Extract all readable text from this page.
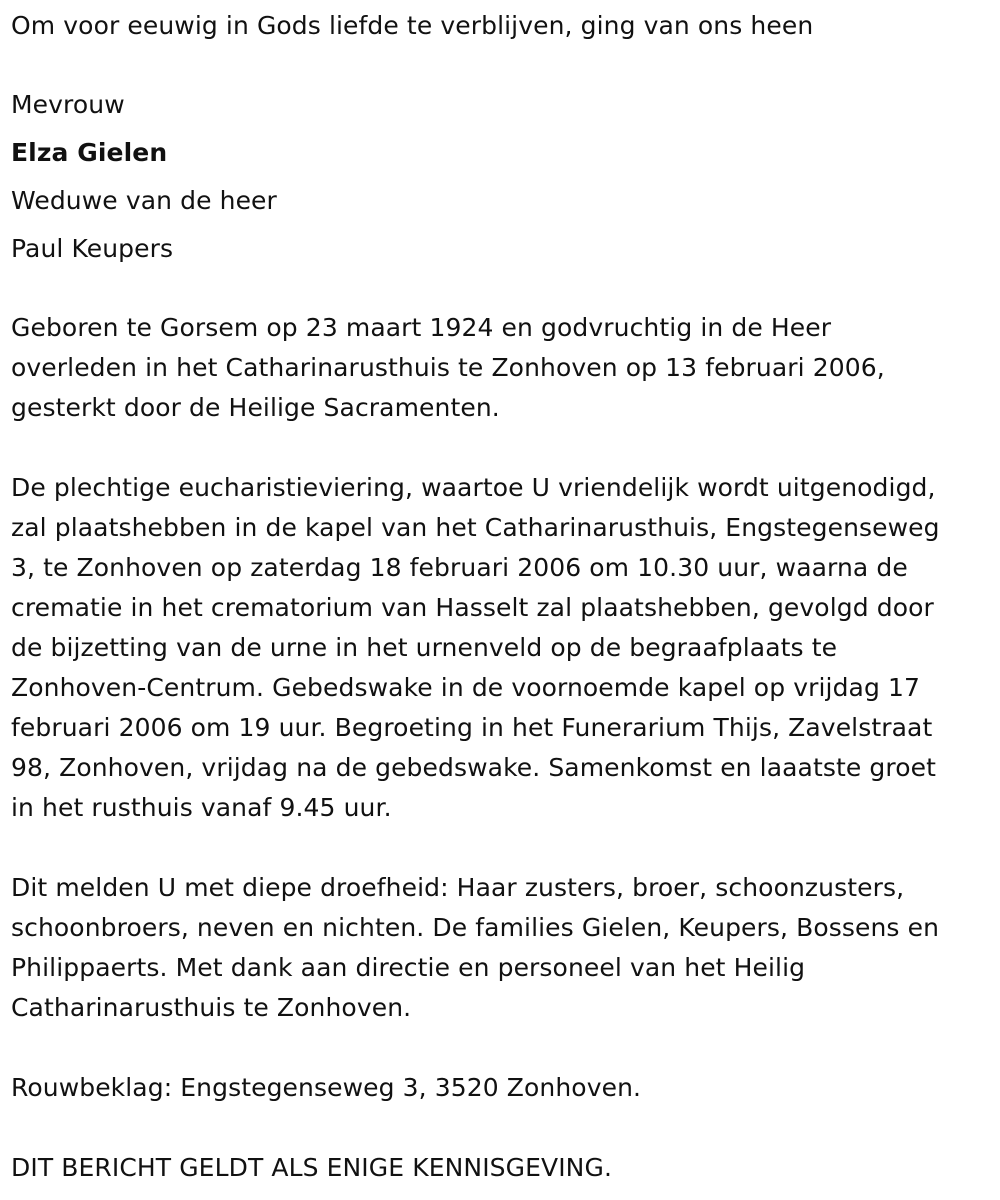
Om voor eeuwig in Gods liefde te verblijven, ging van ons heen

Mevrouw

Elza Gielen

Weduwe van de heer

Paul Keupers

Geboren te Gorsem op 23 maart 1924 en godvruchtig in de Heer

overleden in het Catharinarusthuis te Zonhoven op 13 februari 2006,

gesterkt door de Heilige Sacramenten.

De plechtige eucharistieviering, waartoe U vriendelijk wordt uitgenodigd,

zal plaatshebben in de kapel van het Catharinarusthuis, Engstegenseweg

3, te Zonhoven op zaterdag 18 februari 2006 om 10.30 uur, waarna de

crematie in het crematorium van Hasselt zal plaatshebben, gevolgd door

de bijzetting van de urne in het urnenveld op de begraafplaats te

Zonhoven-Centrum. Gebedswake in de voornoemde kapel op vrijdag 17

februari 2006 om 19 uur. Begroeting in het Funerarium Thijs, Zavelstraat

98, Zonhoven, vrijdag na de gebedswake. Samenkomst en laaatste groet

in het rusthuis vanaf 9.45 uur.

Dit melden U met diepe droefheid: Haar zusters, broer, schoonzusters,

schoonbroers, neven en nichten. De families Gielen, Keupers, Bossens en

Philippaerts. Met dank aan directie en personeel van het Heilig

Catharinarusthuis te Zonhoven.

Rouwbeklag: Engstegenseweg 3, 3520 Zonhoven.

DIT BERICHT GELDT ALS ENIGE KENNISGEVING.
